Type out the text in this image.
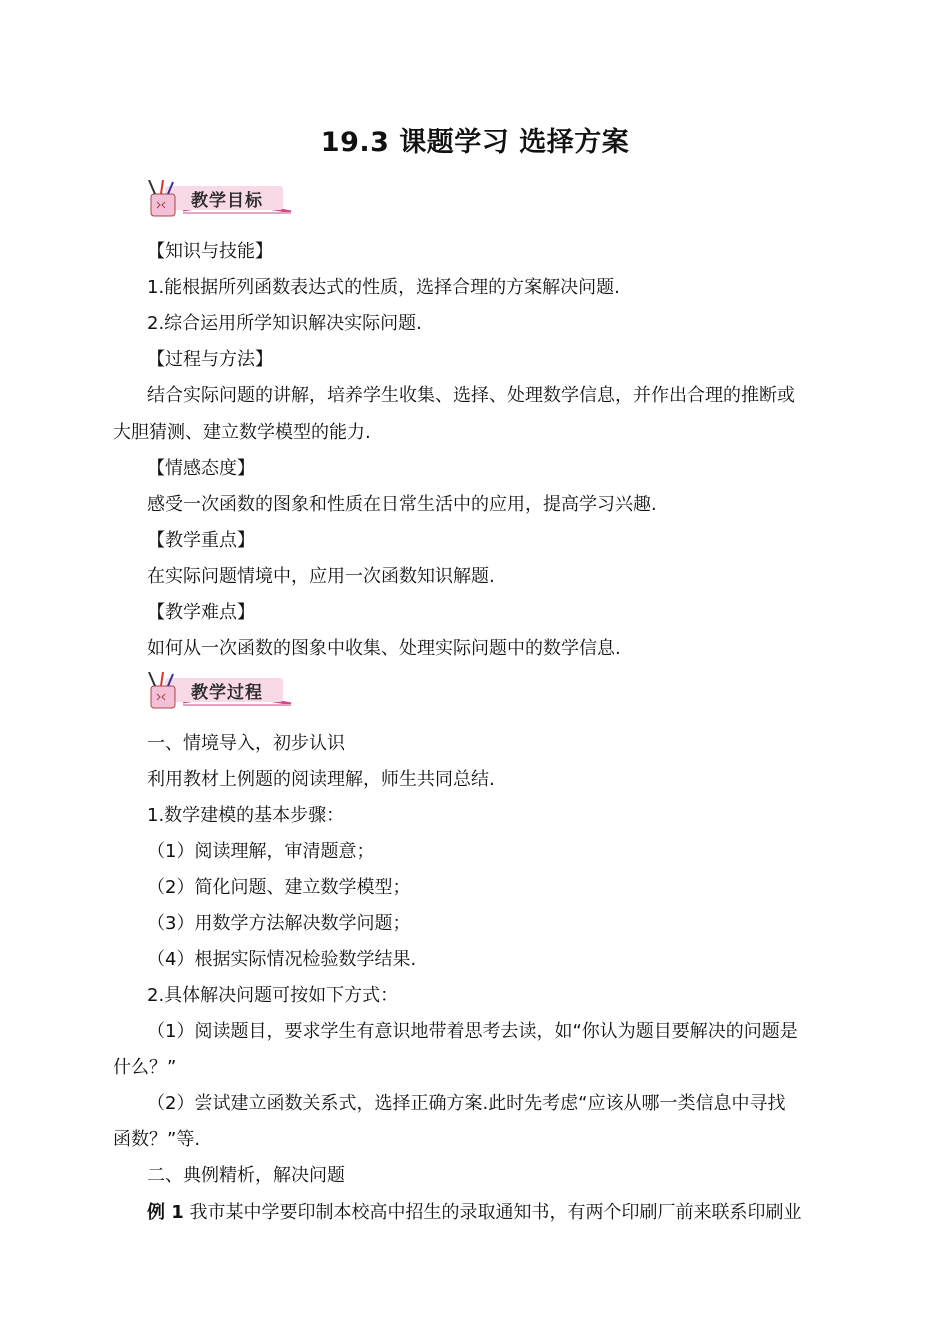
19.3 课题学习 选择方案
教学目标
【知识与技能】
1.能根据所列函数表达式的性质，选择合理的方案解决问题.
2.综合运用所学知识解决实际问题.
【过程与方法】
结合实际问题的讲解，培养学生收集、选择、处理数学信息，并作出合理的推断或
大胆猜测、建立数学模型的能力.
【情感态度】
感受一次函数的图象和性质在日常生活中的应用，提高学习兴趣.
【教学重点】
在实际问题情境中，应用一次函数知识解题.
【教学难点】
如何从一次函数的图象中收集、处理实际问题中的数学信息.
教学过程
一、情境导入，初步认识
利用教材上例题的阅读理解，师生共同总结.
1.数学建模的基本步骤：
（1）阅读理解，审清题意；
（2）简化问题、建立数学模型；
（3）用数学方法解决数学问题；
（4）根据实际情况检验数学结果.
2.具体解决问题可按如下方式：
（1）阅读题目，要求学生有意识地带着思考去读，如“你认为题目要解决的问题是
什么？”
（2）尝试建立函数关系式，选择正确方案.此时先考虑“应该从哪一类信息中寻找
函数？”等.
二、典例精析，解决问题
例 1 我市某中学要印制本校高中招生的录取通知书，有两个印刷厂前来联系印刷业
